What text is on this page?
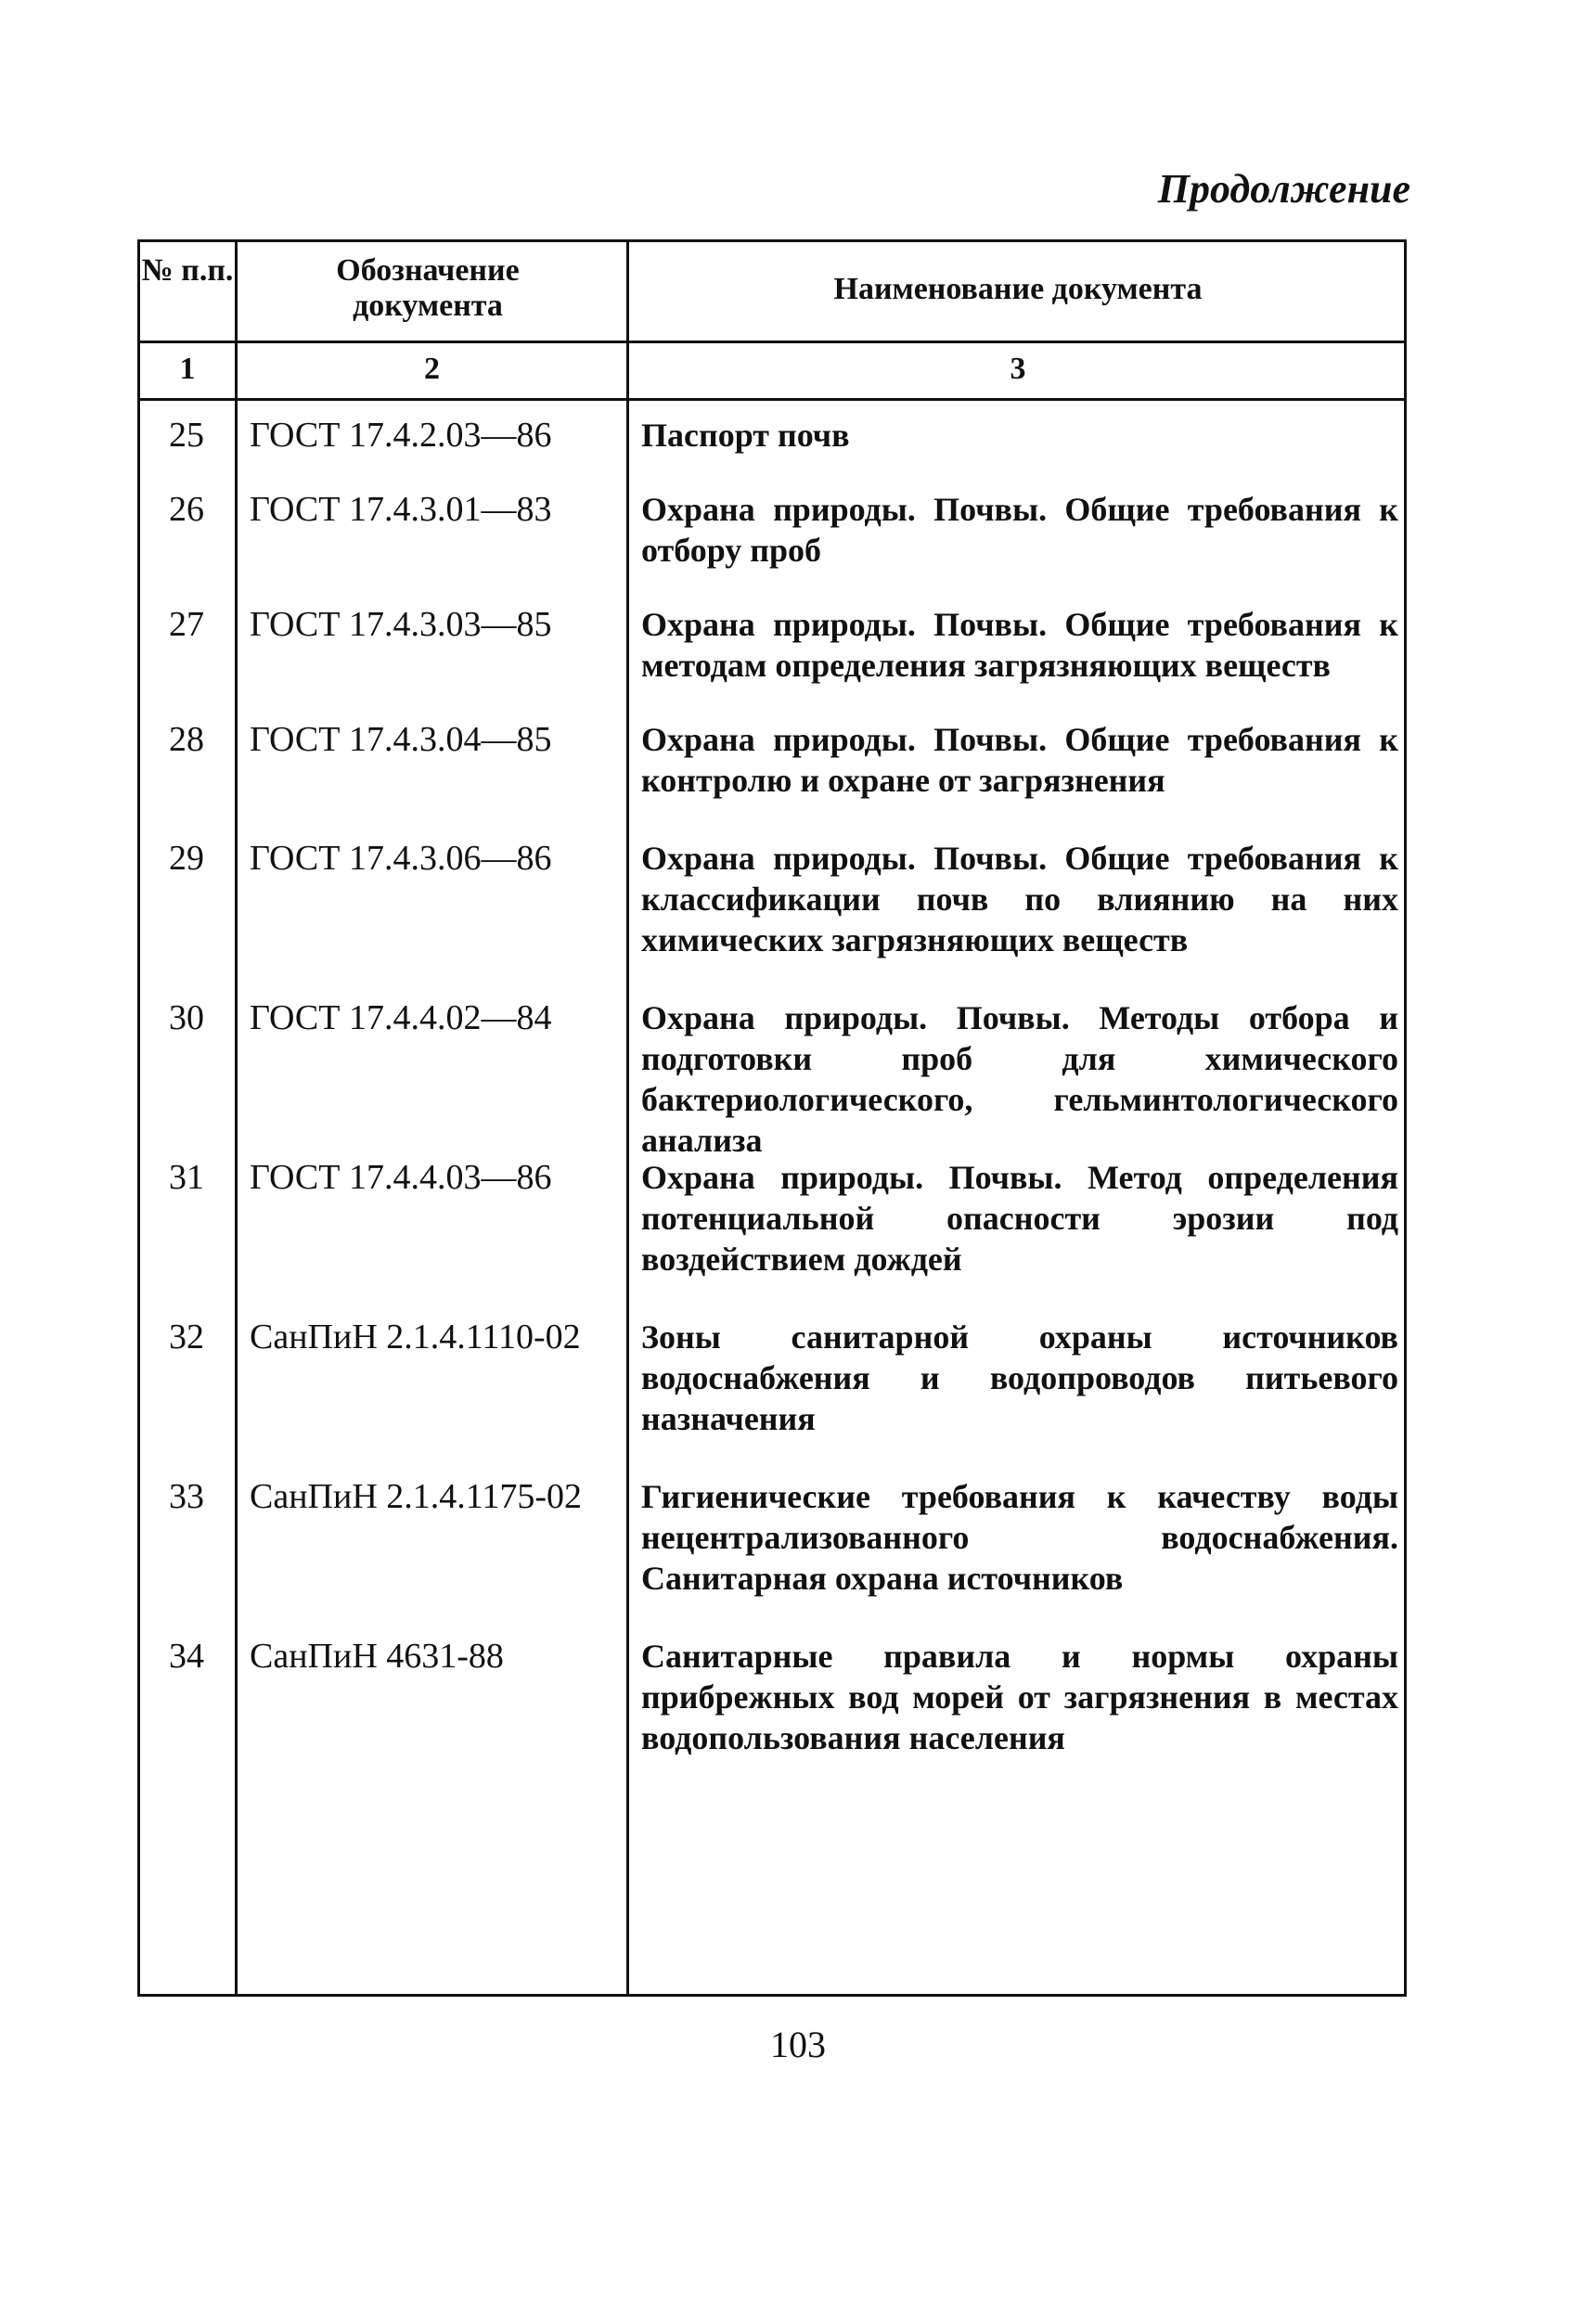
Продолжение
№ п.п.	Обозначение документа	Наименование документа
1	2	3
25	ГОСТ 17.4.2.03—86	Паспорт почв
26	ГОСТ 17.4.3.01—83	Охрана природы. Почвы. Общие требования к отбору проб
27	ГОСТ 17.4.3.03—85	Охрана природы. Почвы. Общие требования к методам определения загрязняющих веществ
28	ГОСТ 17.4.3.04—85	Охрана природы. Почвы. Общие требования к контролю и охране от загрязнения
29	ГОСТ 17.4.3.06—86	Охрана природы. Почвы. Общие требования к классификации почв по влиянию на них химических загрязняющих веществ
30	ГОСТ 17.4.4.02—84	Охрана природы. Почвы. Методы отбора и подготовки проб для химического бактериологического, гельминтологического анализа
31	ГОСТ 17.4.4.03—86	Охрана природы. Почвы. Метод определения потенциальной опасности эрозии под воздействием дождей
32	СанПиН 2.1.4.1110-02	Зоны санитарной охраны источников водоснабжения и водопроводов питьевого назначения
33	СанПиН 2.1.4.1175-02	Гигиенические требования к качеству воды нецентрализованного водоснабжения. Санитарная охрана источников
34	СанПиН 4631-88	Санитарные правила и нормы охраны прибрежных вод морей от загрязнения в местах водопользования населения
103
